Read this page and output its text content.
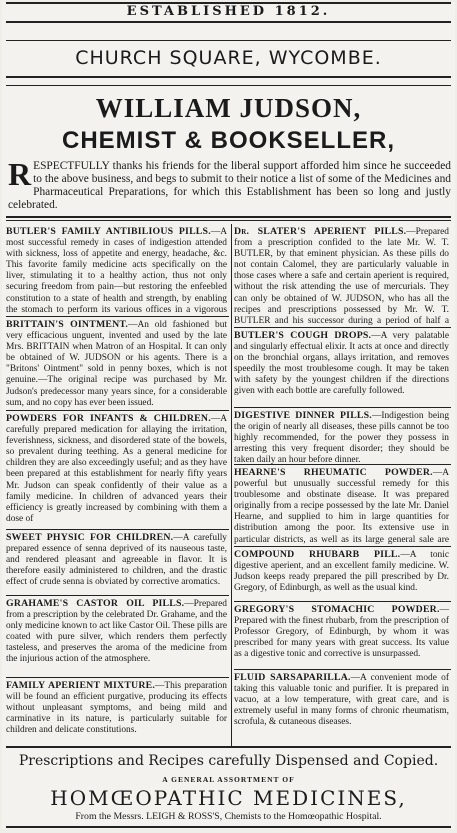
ESTABLISHED 1812.
CHURCH SQUARE, WYCOMBE.
WILLIAM JUDSON,
CHEMIST & BOOKSELLER,
RESPECTFULLY thanks his friends for the liberal support afforded him since he succeeded to the above business, and begs to submit to their notice a list of some of the Medicines and Pharmaceutical Preparations, for which this Establishment has been so long and justly celebrated.
BUTLER'S FAMILY ANTIBILIOUS PILLS.—A most successful remedy in cases of indigestion attended with sickness, loss of appetite and energy, headache, &c. This favorite family medicine acts specifically on the liver, stimulating it to a healthy action, thus not only securing freedom from pain—but restoring the enfeebled constitution to a state of health and strength, by enabling the stomach to perform its various offices in a vigorous
BRITTAIN'S OINTMENT.—An old fashioned but very efficacious unguent, invented and used by the late Mrs. BRITTAIN when Matron of an Hospital. It can only be obtained of W. JUDSON or his agents. There is a "Britons' Ointment" sold in penny boxes, which is not genuine.—The original recipe was purchased by Mr. Judson's predecessor many years since, for a considerable sum, and no copy has ever been issued.
POWDERS FOR INFANTS & CHILDREN.—A carefully prepared medication for allaying the irritation, feverishness, sickness, and disordered state of the bowels, so prevalent during teething. As a general medicine for children they are also exceedingly useful; and as they have been prepared at this establishment for nearly fifty years Mr. Judson can speak confidently of their value as a family medicine. In children of advanced years their efficiency is greatly increased by combining with them a dose of
SWEET PHYSIC FOR CHILDREN.—A carefully prepared essence of senna deprived of its nauseous taste, and rendered pleasant and agreeable in flavor. It is therefore easily administered to children, and the drastic effect of crude senna is obviated by corrective aromatics.
GRAHAME'S CASTOR OIL PILLS.—Prepared from a prescription by the celebrated Dr. Grahame, and the only medicine known to act like Castor Oil. These pills are coated with pure silver, which renders them perfectly tasteless, and preserves the aroma of the medicine from the injurious action of the atmosphere.
FAMILY APERIENT MIXTURE.—This preparation will be found an efficient purgative, producing its effects without unpleasant symptoms, and being mild and carminative in its nature, is particularly suitable for children and delicate constitutions.
Dr. SLATER'S APERIENT PILLS.—Prepared from a prescription confided to the late Mr. W. T. BUTLER, by that eminent physician. As these pills do not contain Calomel, they are particularly valuable in those cases where a safe and certain aperient is required, without the risk attending the use of mercurials. They can only be obtained of W. JUDSON, who has all the recipes and prescriptions possessed by Mr. W. T. BUTLER and his successor during a period of half a
BUTLER'S COUGH DROPS.—A very palatable and singularly effectual elixir. It acts at once and directly on the bronchial organs, allays irritation, and removes speedily the most troublesome cough. It may be taken with safety by the youngest children if the directions given with each bottle are carefully followed.
DIGESTIVE DINNER PILLS.—Indigestion being the origin of nearly all diseases, these pills cannot be too highly recommended, for the power they possess in arresting this very frequent disorder; they should be taken daily an hour before dinner.
HEARNE'S RHEUMATIC POWDER.—A powerful but unusually successful remedy for this troublesome and obstinate disease. It was prepared originally from a recipe possessed by the late Mr. Daniel Hearne, and supplied to him in large quantities for distribution among the poor. Its extensive use in particular districts, as well as its large general sale are
COMPOUND RHUBARB PILL.—A tonic digestive aperient, and an excellent family medicine. W. Judson keeps ready prepared the pill prescribed by Dr. Gregory, of Edinburgh, as well as the usual kind.
GREGORY'S STOMACHIC POWDER.—Prepared with the finest rhubarb, from the prescription of Professor Gregory, of Edinburgh, by whom it was prescribed for many years with great success. Its value as a digestive tonic and corrective is unsurpassed.
FLUID SARSAPARILLA.—A convenient mode of taking this valuable tonic and purifier. It is prepared in vacuo, at a low temperature, with great care, and is extremely useful in many forms of chronic rheumatism, scrofula, & cutaneous diseases.
Prescriptions and Recipes carefully Dispensed and Copied.
A GENERAL ASSORTMENT OF
HOMŒOPATHIC MEDICINES,
From the Messrs. LEIGH & ROSS'S, Chemists to the Homœopathic Hospital.
